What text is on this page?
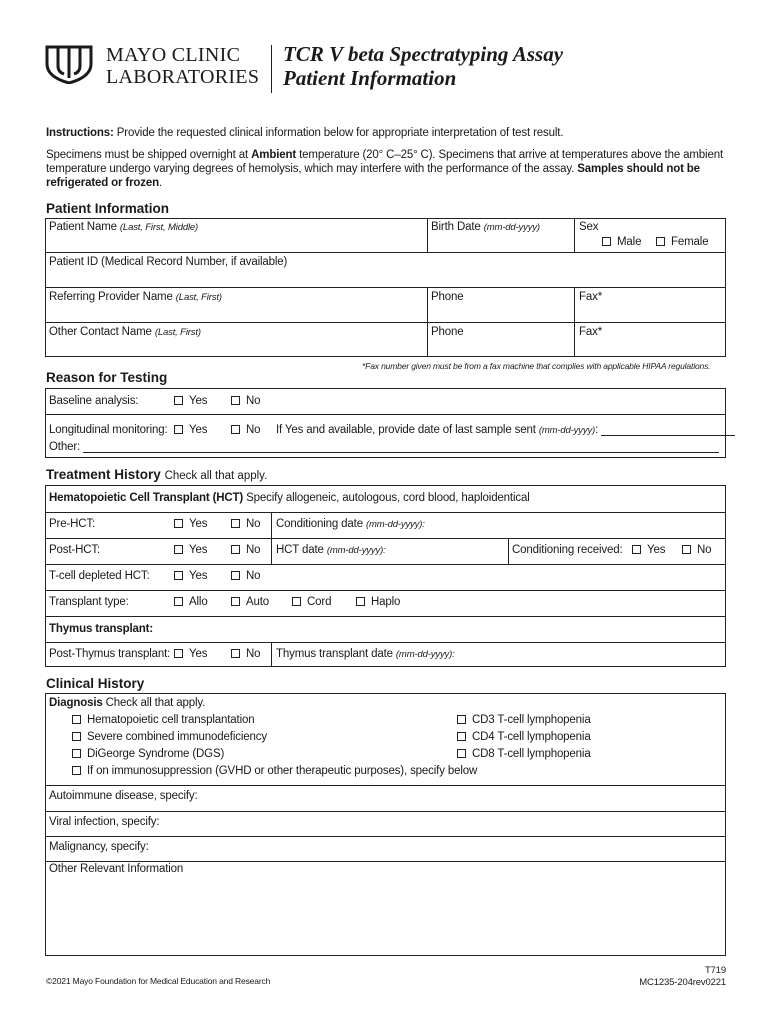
MAYO CLINIC
LABORATORIES
TCR V beta Spectratyping Assay
Patient Information
Instructions: Provide the requested clinical information below for appropriate interpretation of test result.
Specimens must be shipped overnight at Ambient temperature (20° C–25° C). Specimens that arrive at temperatures above the ambient
temperature undergo varying degrees of hemolysis, which may interfere with the performance of the assay. Samples should not be
refrigerated or frozen.
Patient Information
Patient Name (Last, First, Middle)	Birth Date (mm-dd-yyyy)	Sex
Male	Female
Patient ID (Medical Record Number, if available)
Referring Provider Name (Last, First)	Phone	Fax*
Other Contact Name (Last, First)	Phone	Fax*
*Fax number given must be from a fax machine that complies with applicable HIPAA regulations.
Reason for Testing
Baseline analysis:	Yes	No
Longitudinal monitoring:	Yes	No If Yes and available, provide date of last sample sent (mm-dd-yyyy):
Other:
Treatment History Check all that apply.
Hematopoietic Cell Transplant (HCT) Specify allogeneic, autologous, cord blood, haploidentical
Pre-HCT:	Yes	No Conditioning date (mm-dd-yyyy):
Post-HCT:	Yes	No HCT date (mm-dd-yyyy):	Conditioning received:	Yes	No
T-cell depleted HCT:	Yes	No
Transplant type:	Allo	Auto	Cord	Haplo
Thymus transplant:
Post-Thymus transplant:	Yes	No Thymus transplant date (mm-dd-yyyy):
Clinical History
Diagnosis Check all that apply.
Hematopoietic cell transplantation
Severe combined immunodeficiency
DiGeorge Syndrome (DGS)
If on immunosuppression (GVHD or other therapeutic purposes), specify below
CD3 T-cell lymphopenia
CD4 T-cell lymphopenia
CD8 T-cell lymphopenia
Autoimmune disease, specify:
Viral infection, specify:
Malignancy, specify:
Other Relevant Information
©2021 Mayo Foundation for Medical Education and Research
T719
MC1235-204rev0221
